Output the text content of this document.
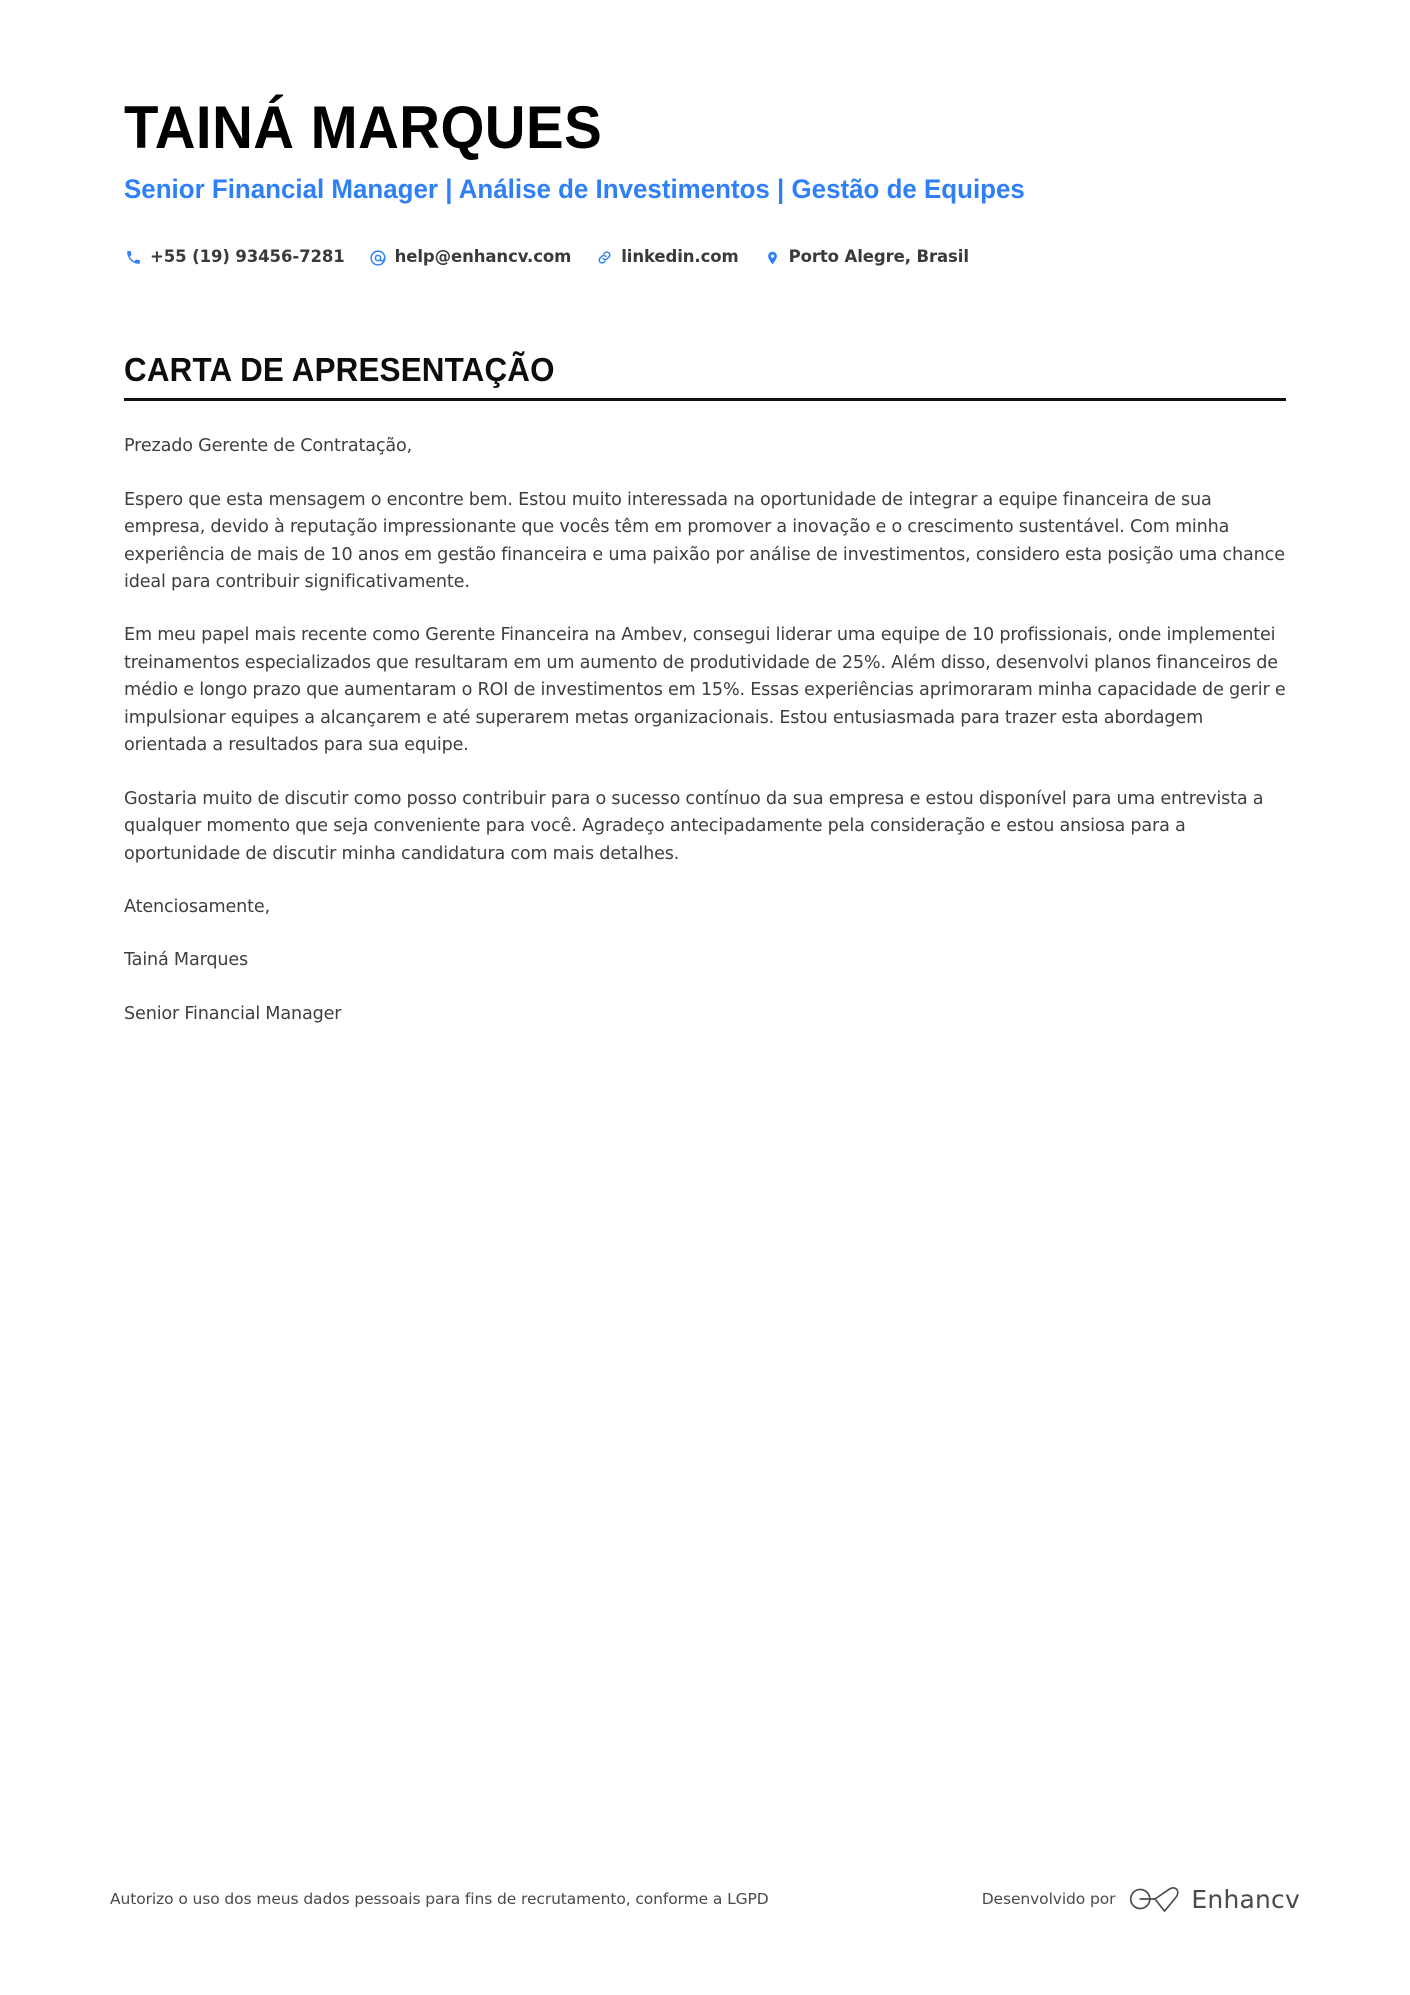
TAINÁ MARQUES
Senior Financial Manager | Análise de Investimentos | Gestão de Equipes
+55 (19) 93456-7281	help@enhancv.com	linkedin.com	Porto Alegre, Brasil
CARTA DE APRESENTAÇÃO

Prezado Gerente de Contratação,

Espero que esta mensagem o encontre bem. Estou muito interessada na oportunidade de integrar a equipe financeira de sua empresa, devido à reputação impressionante que vocês têm em promover a inovação e o crescimento sustentável. Com minha experiência de mais de 10 anos em gestão financeira e uma paixão por análise de investimentos, considero esta posição uma chance ideal para contribuir significativamente.

Em meu papel mais recente como Gerente Financeira na Ambev, consegui liderar uma equipe de 10 profissionais, onde implementei treinamentos especializados que resultaram em um aumento de produtividade de 25%. Além disso, desenvolvi planos financeiros de médio e longo prazo que aumentaram o ROI de investimentos em 15%. Essas experiências aprimoraram minha capacidade de gerir e impulsionar equipes a alcançarem e até superarem metas organizacionais. Estou entusiasmada para trazer esta abordagem orientada a resultados para sua equipe.

Gostaria muito de discutir como posso contribuir para o sucesso contínuo da sua empresa e estou disponível para uma entrevista a qualquer momento que seja conveniente para você. Agradeço antecipadamente pela consideração e estou ansiosa para a oportunidade de discutir minha candidatura com mais detalhes.

Atenciosamente,

Tainá Marques

Senior Financial Manager

Autorizo o uso dos meus dados pessoais para fins de recrutamento, conforme a LGPD	Desenvolvido por	Enhancv
